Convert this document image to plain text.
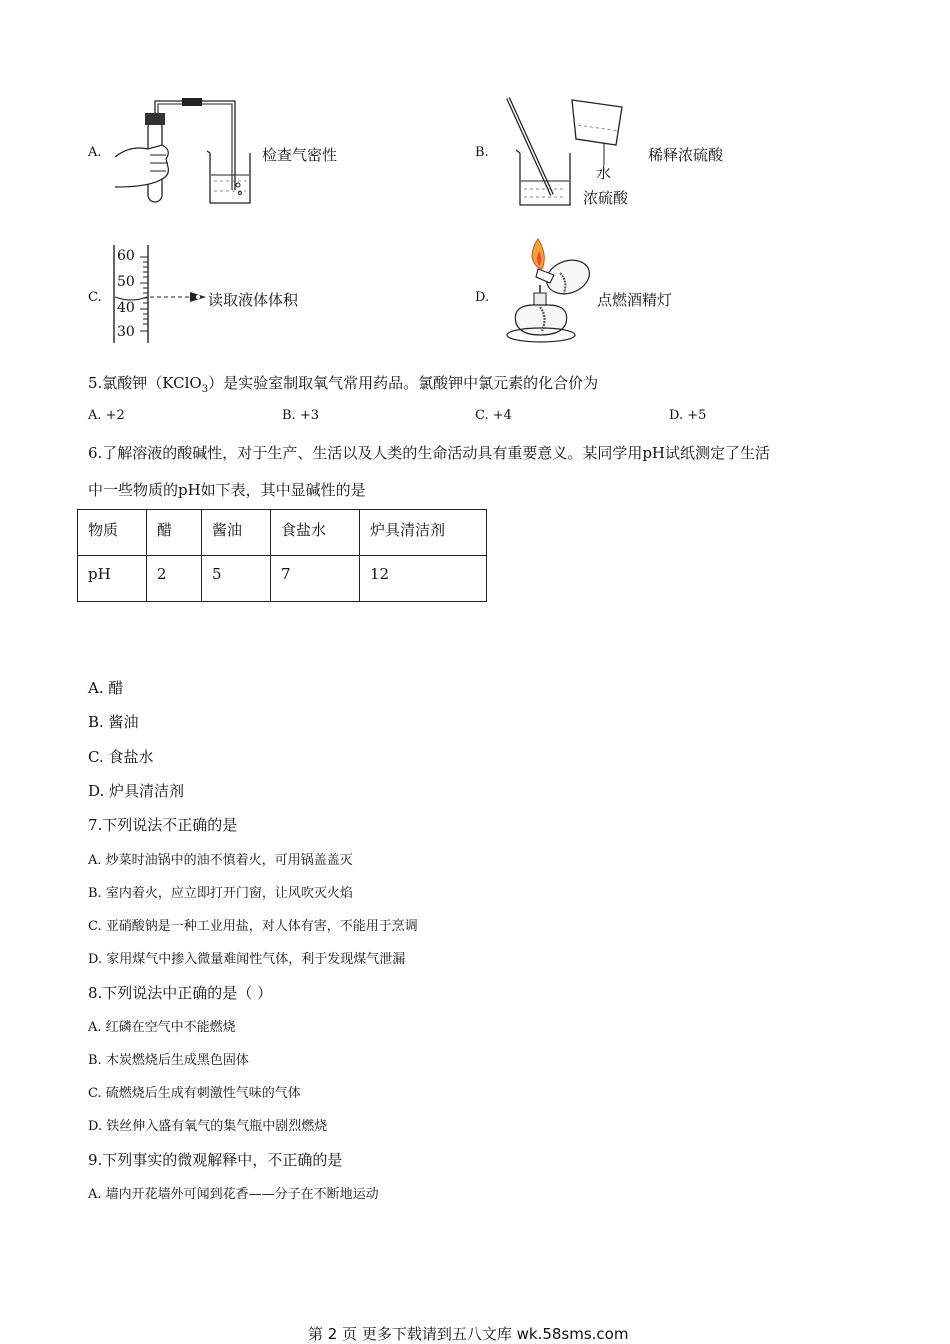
A.	检查气密性	B.
水
浓硫酸
稀释浓硫酸
C.
60
50
40
30
读取液体体积	D.	点燃酒精灯
5.氯酸钾（KClO$_3$）是实验室制取氧气常用药品。氯酸钾中氯元素的化合价为
A. +2	B. +3	C. +4	D. +5
6.了解溶液的酸碱性，对于生产、生活以及人类的生命活动具有重要意义。某同学用pH试纸测定了生活
中一些物质的pH如下表，其中显碱性的是
物质	醋	酱油	食盐水	炉具清洁剂
pH	2	5	7	12
A. 醋
B. 酱油
C. 食盐水
D. 炉具清洁剂
7.下列说法不正确的是
A. 炒菜时油锅中的油不慎着火，可用锅盖盖灭
B. 室内着火，应立即打开门窗，让风吹灭火焰
C. 亚硝酸钠是一种工业用盐，对人体有害，不能用于烹调
D. 家用煤气中掺入微量难闻性气体，利于发现煤气泄漏
8.下列说法中正确的是（ ）
A. 红磷在空气中不能燃烧
B. 木炭燃烧后生成黑色固体
C. 硫燃烧后生成有刺激性气味的气体
D. 铁丝伸入盛有氧气的集气瓶中剧烈燃烧
9.下列事实的微观解释中，不正确的是
A. 墙内开花墙外可闻到花香——分子在不断地运动
第 2 页 更多下载请到五八文库 wk.58sms.com
